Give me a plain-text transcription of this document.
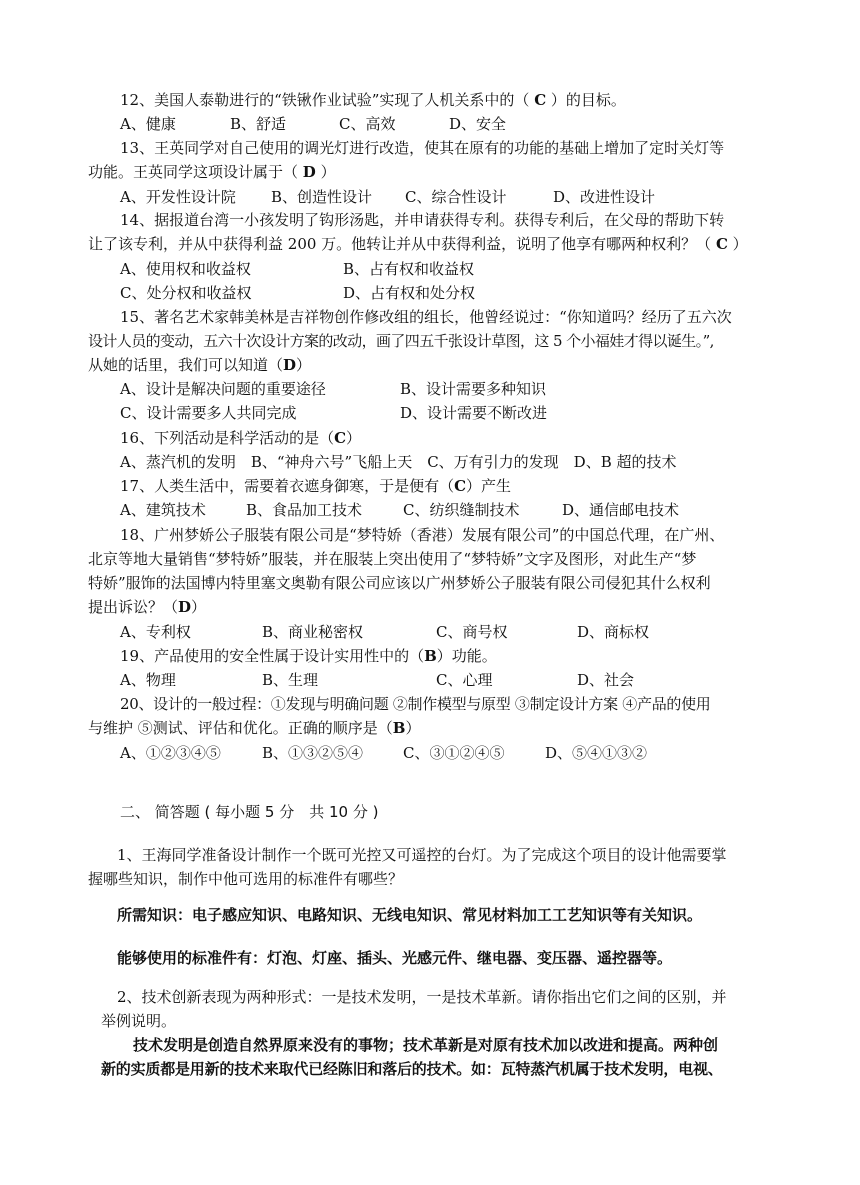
12、美国人泰勒进行的“铁锹作业试验”实现了人机关系中的（ C ）的目标。
A、健康	B、舒适	C、高效	D、安全
13、王英同学对自己使用的调光灯进行改造，使其在原有的功能的基础上增加了定时关灯等
功能。王英同学这项设计属于（ D ）
A、开发性设计院 B、创造性设计 C、综合性设计	D、改进性设计
14、据报道台湾一小孩发明了钩形汤匙，并申请获得专利。获得专利后，在父母的帮助下转
让了该专利，并从中获得利益 200 万。他转让并从中获得利益，说明了他享有哪两种权利？（ C ）
A、使用权和收益权	B、占有权和收益权
C、处分权和收益权	D、占有权和处分权
15、著名艺术家韩美林是吉祥物创作修改组的组长，他曾经说过：“你知道吗？经历了五六次
设计人员的变动，五六十次设计方案的改动，画了四五千张设计草图，这 5 个小福娃才得以诞生。”,
从她的话里，我们可以知道（D）
A、设计是解决问题的重要途径	B、设计需要多种知识
C、设计需要多人共同完成	D、设计需要不断改进
16、下列活动是科学活动的是（C）
A、蒸汽机的发明　B、“神舟六号”飞船上天　C、万有引力的发现　D、B 超的技术
17、人类生活中，需要着衣遮身御寒，于是便有（C）产生
A、建筑技术	B、食品加工技术	C、纺织缝制技术	D、通信邮电技术
18、广州梦娇公子服装有限公司是“梦特娇（香港）发展有限公司”的中国总代理，在广州、
北京等地大量销售“梦特娇”服装，并在服装上突出使用了“梦特娇”文字及图形，对此生产“梦
特娇”服饰的法国博内特里塞文奥勒有限公司应该以广州梦娇公子服装有限公司侵犯其什么权利
提出诉讼？（D）
A、专利权	B、商业秘密权	C、商号权	D、商标权
19、产品使用的安全性属于设计实用性中的（B）功能。
A、物理	B、生理	C、心理	D、社会
20、设计的一般过程：①发现与明确问题 ②制作模型与原型 ③制定设计方案 ④产品的使用
与维护 ⑤测试、评估和优化。正确的顺序是（B）
A、①②③④⑤	B、①③②⑤④	C、③①②④⑤	D、⑤④①③②
二、 简答题 ( 每小题 5 分　共 10 分 )
1、王海同学准备设计制作一个既可光控又可遥控的台灯。为了完成这个项目的设计他需要掌
握哪些知识，制作中他可选用的标准件有哪些？
所需知识：电子感应知识、电路知识、无线电知识、常见材料加工工艺知识等有关知识。
能够使用的标准件有：灯泡、灯座、插头、光感元件、继电器、变压器、遥控器等。
2、技术创新表现为两种形式：一是技术发明，一是技术革新。请你指出它们之间的区别，并
举例说明。
技术发明是创造自然界原来没有的事物；技术革新是对原有技术加以改进和提高。两种创
新的实质都是用新的技术来取代已经陈旧和落后的技术。如：瓦特蒸汽机属于技术发明，电视、
